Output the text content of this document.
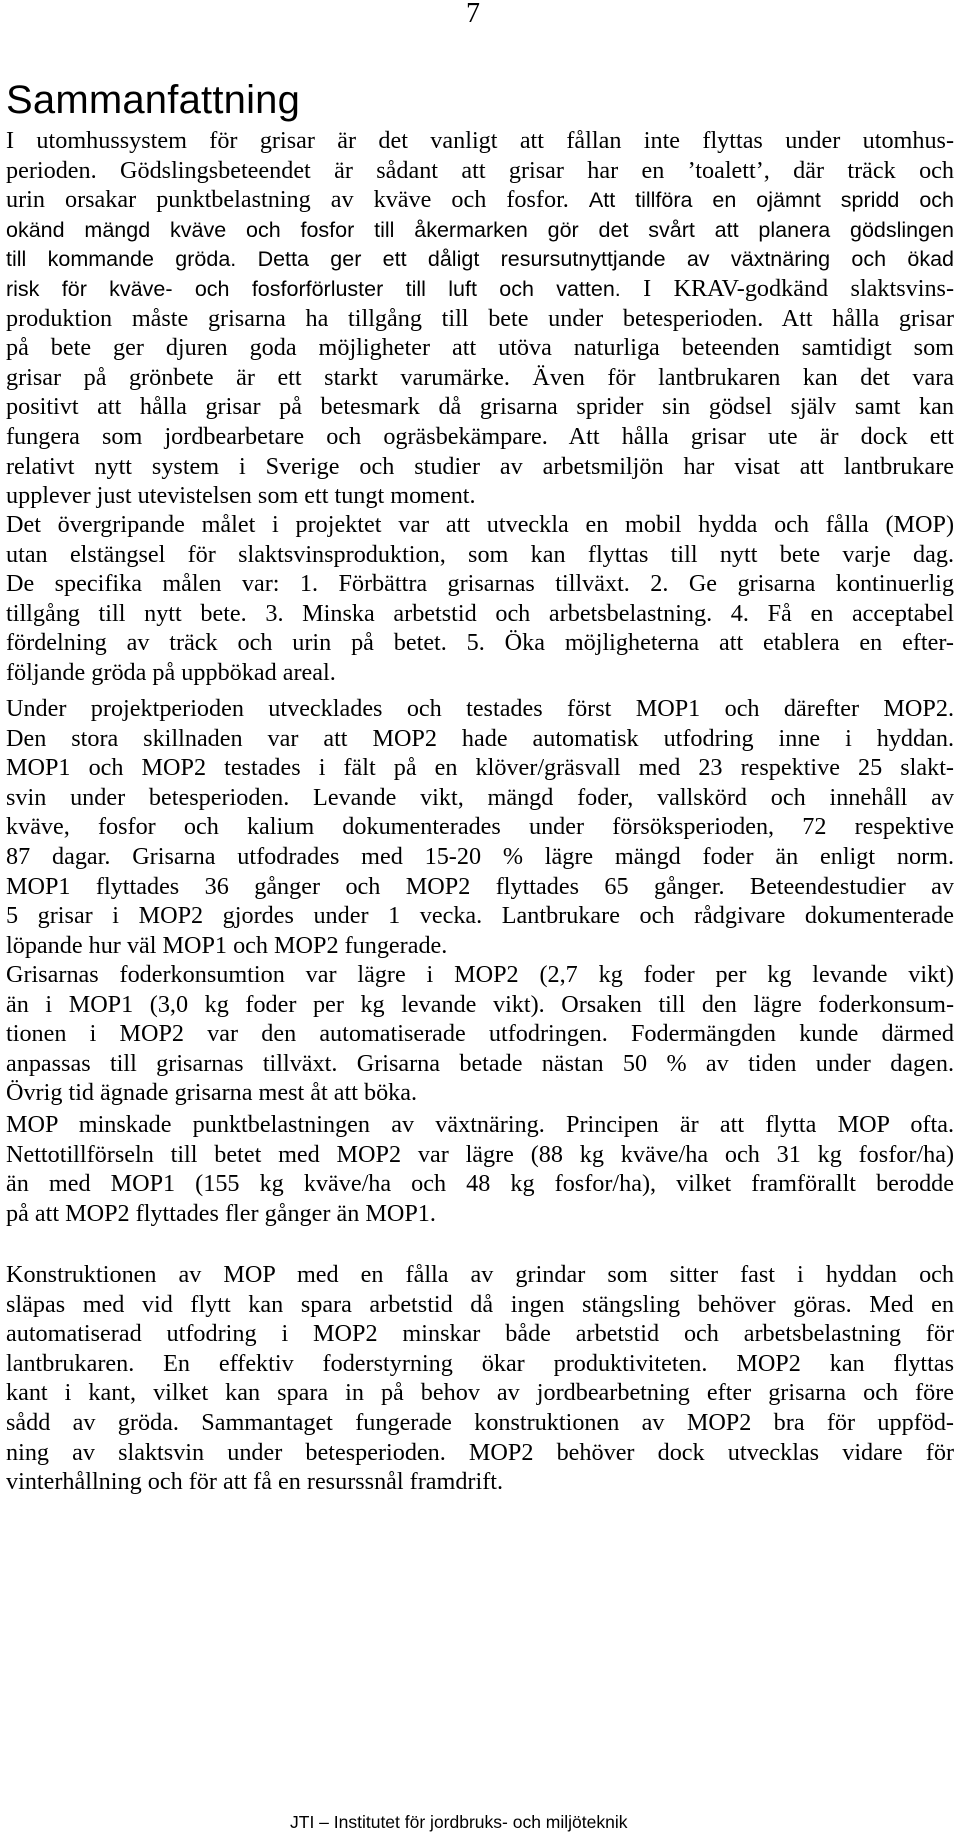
7
Sammanfattning
I utomhussystem för grisar är det vanligt att fållan inte flyttas under utomhus-
perioden. Gödslingsbeteendet är sådant att grisar har en ’toalett’, där träck och
urin orsakar punktbelastning av kväve och fosfor. Att tillföra en ojämnt spridd och
okänd mängd kväve och fosfor till åkermarken gör det svårt att planera gödslingen
till kommande gröda. Detta ger ett dåligt resursutnyttjande av växtnäring och ökad
risk för kväve- och fosforförluster till luft och vatten. I KRAV-godkänd slaktsvins-
produktion måste grisarna ha tillgång till bete under betesperioden. Att hålla grisar
på bete ger djuren goda möjligheter att utöva naturliga beteenden samtidigt som
grisar på grönbete är ett starkt varumärke. Även för lantbrukaren kan det vara
positivt att hålla grisar på betesmark då grisarna sprider sin gödsel själv samt kan
fungera som jordbearbetare och ogräsbekämpare. Att hålla grisar ute är dock ett
relativt nytt system i Sverige och studier av arbetsmiljön har visat att lantbrukare
upplever just utevistelsen som ett tungt moment.
Det övergripande målet i projektet var att utveckla en mobil hydda och fålla (MOP)
utan elstängsel för slaktsvinsproduktion, som kan flyttas till nytt bete varje dag.
De specifika målen var: 1. Förbättra grisarnas tillväxt. 2. Ge grisarna kontinuerlig
tillgång till nytt bete. 3. Minska arbetstid och arbetsbelastning. 4. Få en acceptabel
fördelning av träck och urin på betet. 5. Öka möjligheterna att etablera en efter-
följande gröda på uppbökad areal.
Under projektperioden utvecklades och testades först MOP1 och därefter MOP2.
Den stora skillnaden var att MOP2 hade automatisk utfodring inne i hyddan.
MOP1 och MOP2 testades i fält på en klöver/gräsvall med 23 respektive 25 slakt-
svin under betesperioden. Levande vikt, mängd foder, vallskörd och innehåll av
kväve, fosfor och kalium dokumenterades under försöksperioden, 72 respektive
87 dagar. Grisarna utfodrades med 15-20 % lägre mängd foder än enligt norm.
MOP1 flyttades 36 gånger och MOP2 flyttades 65 gånger. Beteendestudier av
5 grisar i MOP2 gjordes under 1 vecka. Lantbrukare och rådgivare dokumenterade
löpande hur väl MOP1 och MOP2 fungerade.
Grisarnas foderkonsumtion var lägre i MOP2 (2,7 kg foder per kg levande vikt)
än i MOP1 (3,0 kg foder per kg levande vikt). Orsaken till den lägre foderkonsum-
tionen i MOP2 var den automatiserade utfodringen. Fodermängden kunde därmed
anpassas till grisarnas tillväxt. Grisarna betade nästan 50 % av tiden under dagen.
Övrig tid ägnade grisarna mest åt att böka.
MOP minskade punktbelastningen av växtnäring. Principen är att flytta MOP ofta.
Nettotillförseln till betet med MOP2 var lägre (88 kg kväve/ha och 31 kg fosfor/ha)
än med MOP1 (155 kg kväve/ha och 48 kg fosfor/ha), vilket framförallt berodde
på att MOP2 flyttades fler gånger än MOP1.
Konstruktionen av MOP med en fålla av grindar som sitter fast i hyddan och
släpas med vid flytt kan spara arbetstid då ingen stängsling behöver göras. Med en
automatiserad utfodring i MOP2 minskar både arbetstid och arbetsbelastning för
lantbrukaren. En effektiv foderstyrning ökar produktiviteten. MOP2 kan flyttas
kant i kant, vilket kan spara in på behov av jordbearbetning efter grisarna och före
sådd av gröda. Sammantaget fungerade konstruktionen av MOP2 bra för uppföd-
ning av slaktsvin under betesperioden. MOP2 behöver dock utvecklas vidare för
vinterhållning och för att få en resurssnål framdrift.
JTI – Institutet för jordbruks- och miljöteknik
